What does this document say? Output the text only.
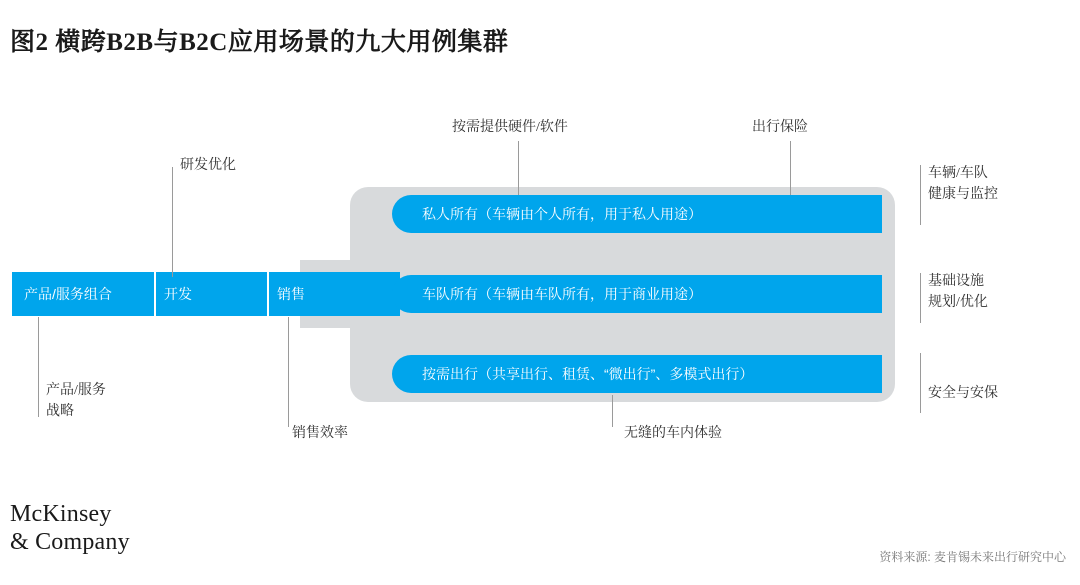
图2 横跨B2B与B2C应用场景的九大用例集群
产品/服务组合	开发	销售
私人所有（车辆由个人所有，用于私人用途）
车队所有（车辆由车队所有，用于商业用途）
按需出行（共享出行、租赁、“微出行”、多模式出行）
研发优化
按需提供硬件/软件	出行保险
车辆/车队
健康与监控
基础设施
规划/优化
安全与安保
产品/服务
战略
销售效率	无缝的车内体验
McKinsey
& Company
资料来源: 麦肯锡未来出行研究中心
